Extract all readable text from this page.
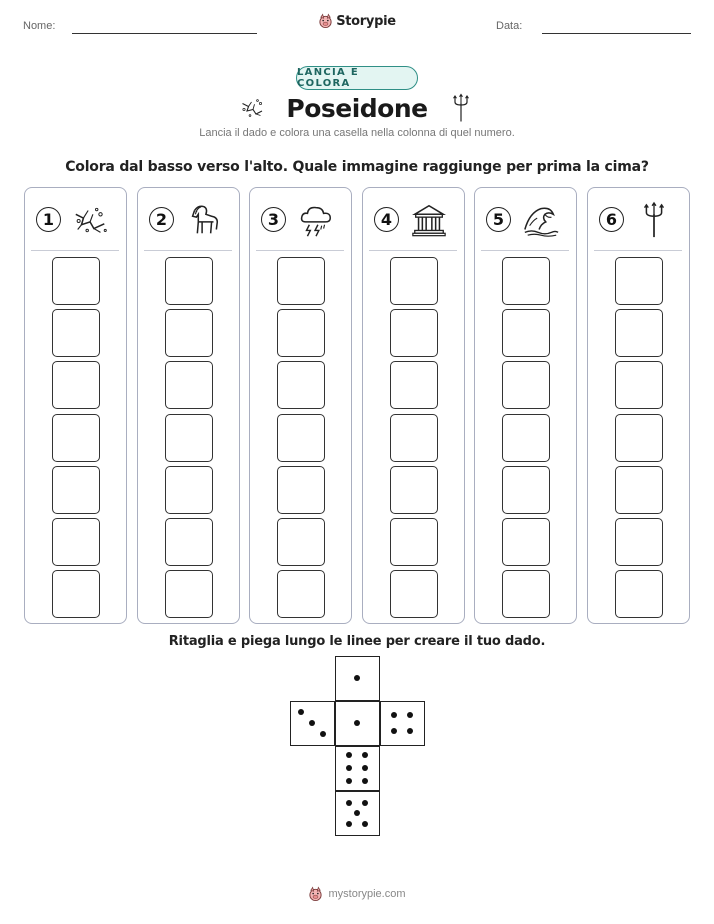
Nome:	Storypie	Data:
LANCIA E COLORA
Poseidone
Lancia il dado e colora una casella nella colonna di quel numero.
Colora dal basso verso l'alto. Quale immagine raggiunge per prima la cima?
1	2	3	4	5	6
Ritaglia e piega lungo le linee per creare il tuo dado.
mystorypie.com
